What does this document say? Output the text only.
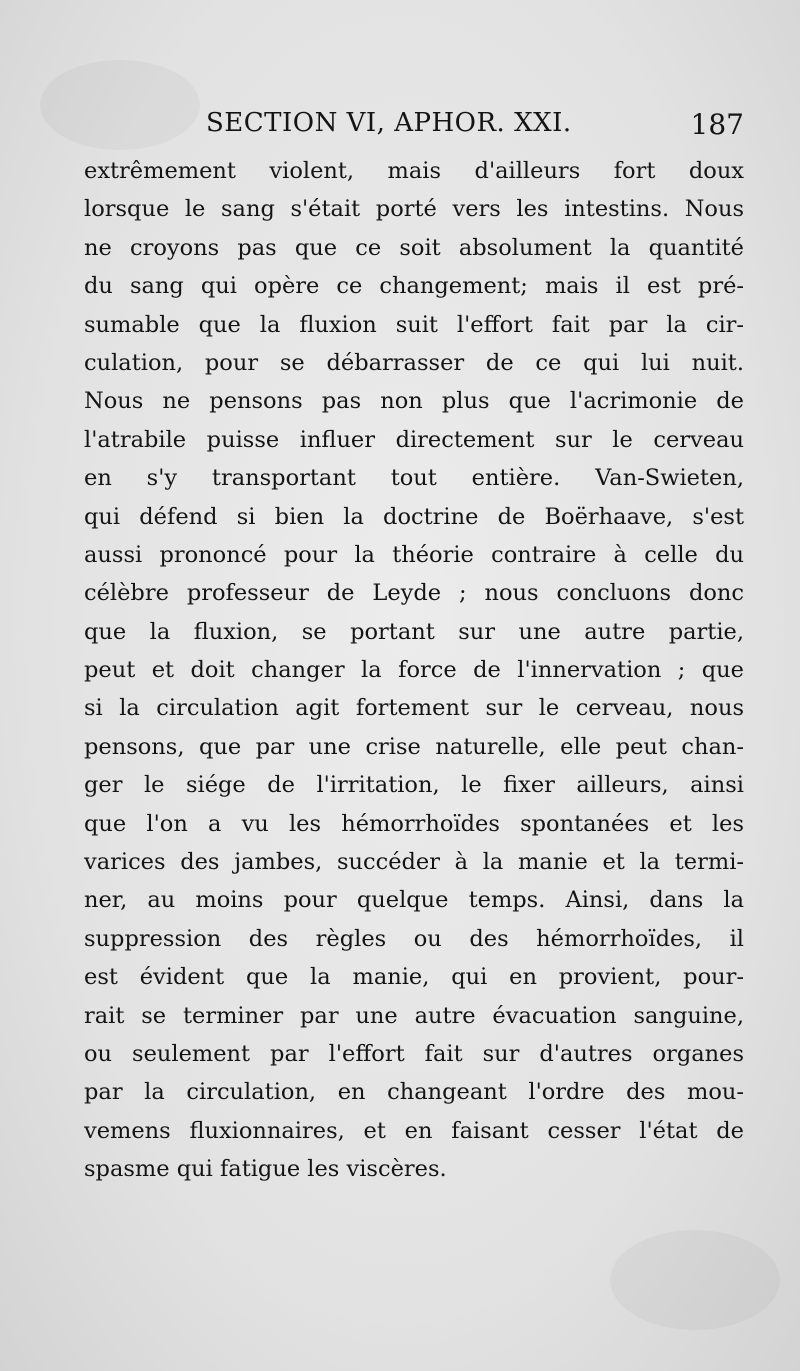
SECTION VI, APHOR. XXI.	187
extrêmement violent, mais d'ailleurs fort doux
lorsque le sang s'était porté vers les intestins. Nous
ne croyons pas que ce soit absolument la quantité
du sang qui opère ce changement; mais il est pré-
sumable que la fluxion suit l'effort fait par la cir-
culation, pour se débarrasser de ce qui lui nuit.
Nous ne pensons pas non plus que l'acrimonie de
l'atrabile puisse influer directement sur le cerveau
en s'y transportant tout entière. Van-Swieten,
qui défend si bien la doctrine de Boërhaave, s'est
aussi prononcé pour la théorie contraire à celle du
célèbre professeur de Leyde ; nous concluons donc
que la fluxion, se portant sur une autre partie,
peut et doit changer la force de l'innervation ; que
si la circulation agit fortement sur le cerveau, nous
pensons, que par une crise naturelle, elle peut chan-
ger le siége de l'irritation, le fixer ailleurs, ainsi
que l'on a vu les hémorrhoïdes spontanées et les
varices des jambes, succéder à la manie et la termi-
ner, au moins pour quelque temps. Ainsi, dans la
suppression des règles ou des hémorrhoïdes, il
est évident que la manie, qui en provient, pour-
rait se terminer par une autre évacuation sanguine,
ou seulement par l'effort fait sur d'autres organes
par la circulation, en changeant l'ordre des mou-
vemens fluxionnaires, et en faisant cesser l'état de
spasme qui fatigue les viscères.
